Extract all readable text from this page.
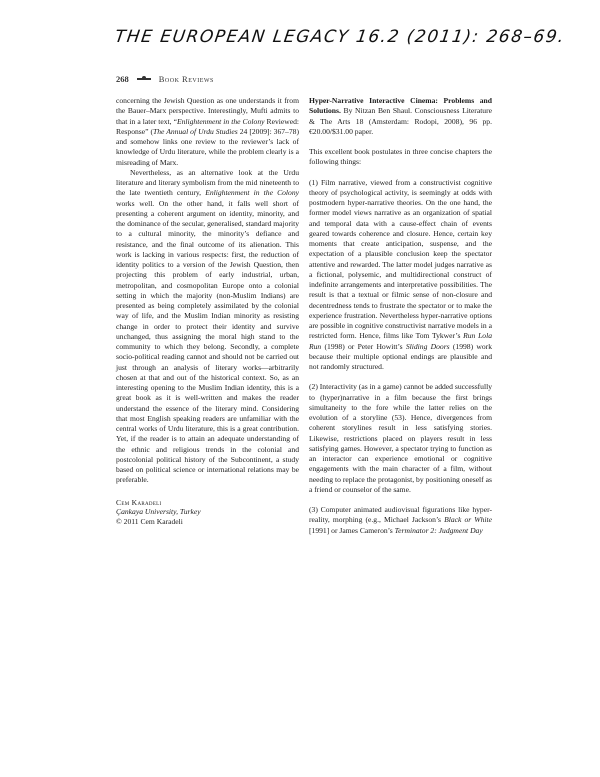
THE EUROPEAN LEGACY 16.2 (2011): 268–69.
268	Book Reviews

concerning the Jewish Question as one understands it from the Bauer–Marx perspective. Interestingly, Mufti admits to that in a later text, “Enlightenment in the Colony Reviewed: Response” (The Annual of Urdu Studies 24 [2009]: 367–78) and somehow links one review to the reviewer’s lack of knowledge of Urdu literature, while the problem clearly is a misreading of Marx.

Nevertheless, as an alternative look at the Urdu literature and literary symbolism from the mid nineteenth to the late twentieth century, Enlightenment in the Colony works well. On the other hand, it falls well short of presenting a coherent argument on identity, minority, and the dominance of the secular, generalised, standard majority to a cultural minority, the minority’s defiance and resistance, and the final outcome of its alienation. This work is lacking in various respects: first, the reduction of identity politics to a version of the Jewish Question, then projecting this problem of early industrial, urban, metropolitan, and cosmopolitan Europe onto a colonial setting in which the majority (non-Muslim Indians) are presented as being completely assimilated by the colonial way of life, and the Muslim Indian minority as resisting change in order to protect their identity and survive unchanged, thus assigning the moral high stand to the community to which they belong. Secondly, a complete socio-political reading cannot and should not be carried out just through an analysis of literary works—arbitrarily chosen at that and out of the historical context. So, as an interesting opening to the Muslim Indian identity, this is a great book as it is well-written and makes the reader understand the essence of the literary mind. Considering that most English speaking readers are unfamiliar with the central works of Urdu literature, this is a great contribution. Yet, if the reader is to attain an adequate understanding of the ethnic and religious trends in the colonial and postcolonial political history of the Subcontinent, a study based on political science or international relations may be preferable.

Cem Karadeli
Çankaya University, Turkey
© 2011 Cem Karadeli

Hyper-Narrative Interactive Cinema: Problems and Solutions. By Nitzan Ben Shaul. Consciousness Literature & The Arts 18 (Amsterdam: Rodopi, 2008), 96 pp. €20.00/$31.00 paper.

This excellent book postulates in three concise chapters the following things:

(1) Film narrative, viewed from a constructivist cognitive theory of psychological activity, is seemingly at odds with postmodern hyper-narrative theories. On the one hand, the former model views narrative as an organization of spatial and temporal data with a cause-effect chain of events geared towards coherence and closure. Hence, certain key moments that create anticipation, suspense, and the expectation of a plausible conclusion keep the spectator attentive and rewarded. The latter model judges narrative as a fictional, polysemic, and multidirectional construct of indefinite arrangements and interpretative possibilities. The result is that a textual or filmic sense of non-closure and decentredness tends to frustrate the spectator or to make the experience frustration. Nevertheless hyper-narrative options are possible in cognitive constructivist narrative models in a restricted form. Hence, films like Tom Tykwer’s Run Lola Run (1998) or Peter Howitt’s Sliding Doors (1998) work because their multiple optional endings are plausible and not randomly structured.

(2) Interactivity (as in a game) cannot be added successfully to (hyper)narrative in a film because the first brings simultaneity to the fore while the latter relies on the evolution of a storyline (53). Hence, divergences from coherent storylines result in less satisfying stories. Likewise, restrictions placed on players result in less satisfying games. However, a spectator trying to function as an interactor can experience emotional or cognitive engagements with the main character of a film, without needing to replace the protagonist, by positioning oneself as a friend or counselor of the same.

(3) Computer animated audiovisual figurations like hyper-reality, morphing (e.g., Michael Jackson’s Black or White [1991] or James Cameron’s Terminator 2: Judgment Day
